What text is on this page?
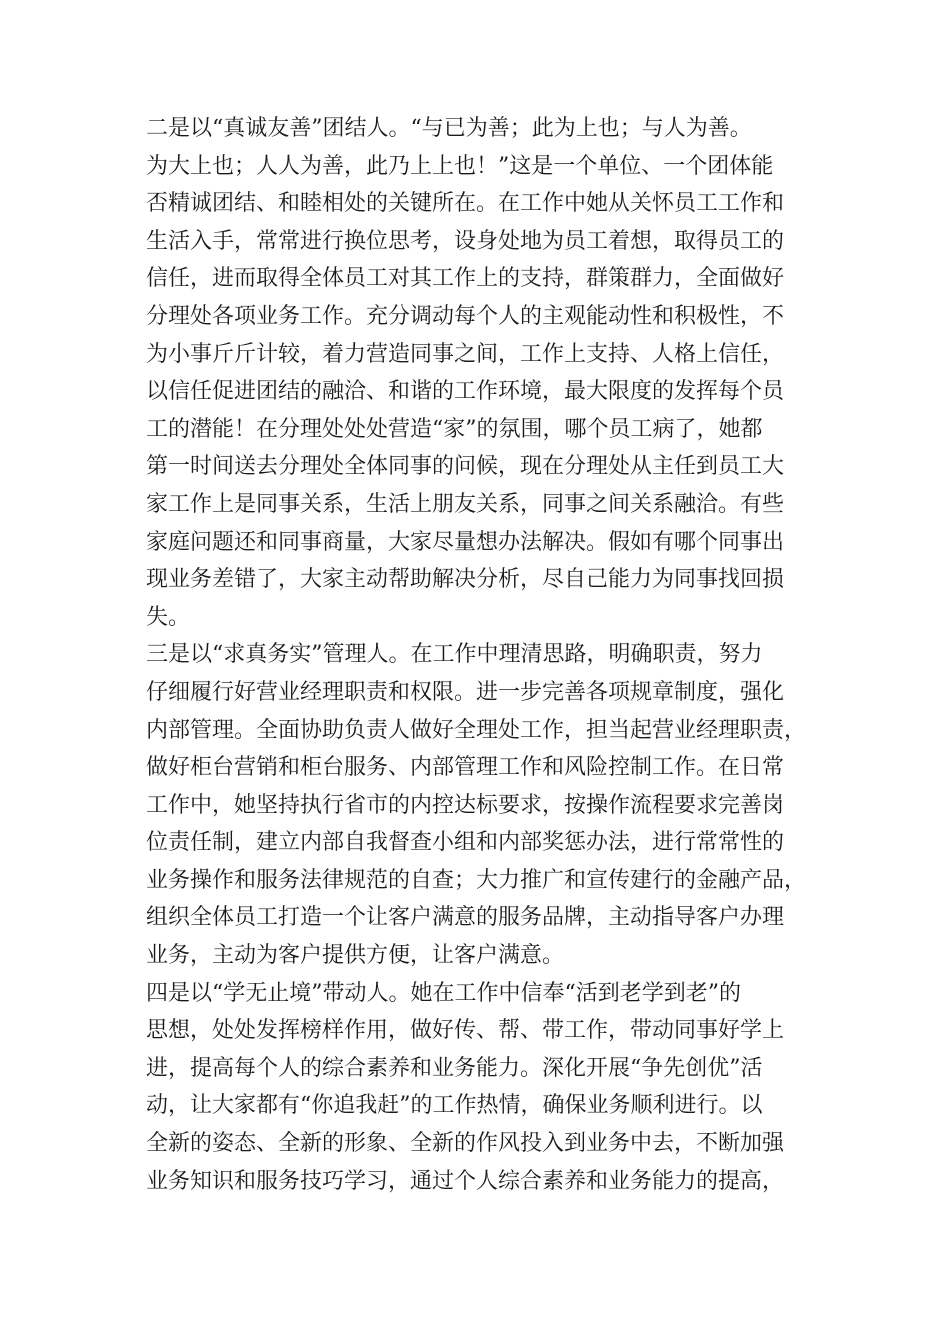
二是以“真诚友善”团结人。“与已为善；此为上也；与人为善。
为大上也；人人为善，此乃上上也！”这是一个单位、一个团体能
否精诚团结、和睦相处的关键所在。在工作中她从关怀员工工作和
生活入手，常常进行换位思考，设身处地为员工着想，取得员工的
信任，进而取得全体员工对其工作上的支持，群策群力，全面做好
分理处各项业务工作。充分调动每个人的主观能动性和积极性，不
为小事斤斤计较，着力营造同事之间，工作上支持、人格上信任，
以信任促进团结的融洽、和谐的工作环境，最大限度的发挥每个员
工的潜能！在分理处处处营造“家”的氛围，哪个员工病了，她都
第一时间送去分理处全体同事的问候，现在分理处从主任到员工大
家工作上是同事关系，生活上朋友关系，同事之间关系融洽。有些
家庭问题还和同事商量，大家尽量想办法解决。假如有哪个同事出
现业务差错了，大家主动帮助解决分析，尽自己能力为同事找回损
失。
三是以“求真务实”管理人。在工作中理清思路，明确职责，努力
仔细履行好营业经理职责和权限。进一步完善各项规章制度，强化
内部管理。全面协助负责人做好全理处工作，担当起营业经理职责，
做好柜台营销和柜台服务、内部管理工作和风险控制工作。在日常
工作中，她坚持执行省市的内控达标要求，按操作流程要求完善岗
位责任制，建立内部自我督查小组和内部奖惩办法，进行常常性的
业务操作和服务法律规范的自查；大力推广和宣传建行的金融产品，
组织全体员工打造一个让客户满意的服务品牌，主动指导客户办理
业务，主动为客户提供方便，让客户满意。
四是以“学无止境”带动人。她在工作中信奉“活到老学到老”的
思想，处处发挥榜样作用，做好传、帮、带工作，带动同事好学上
进，提高每个人的综合素养和业务能力。深化开展“争先创优”活
动，让大家都有“你追我赶”的工作热情，确保业务顺利进行。以
全新的姿态、全新的形象、全新的作风投入到业务中去，不断加强
业务知识和服务技巧学习，通过个人综合素养和业务能力的提高，
